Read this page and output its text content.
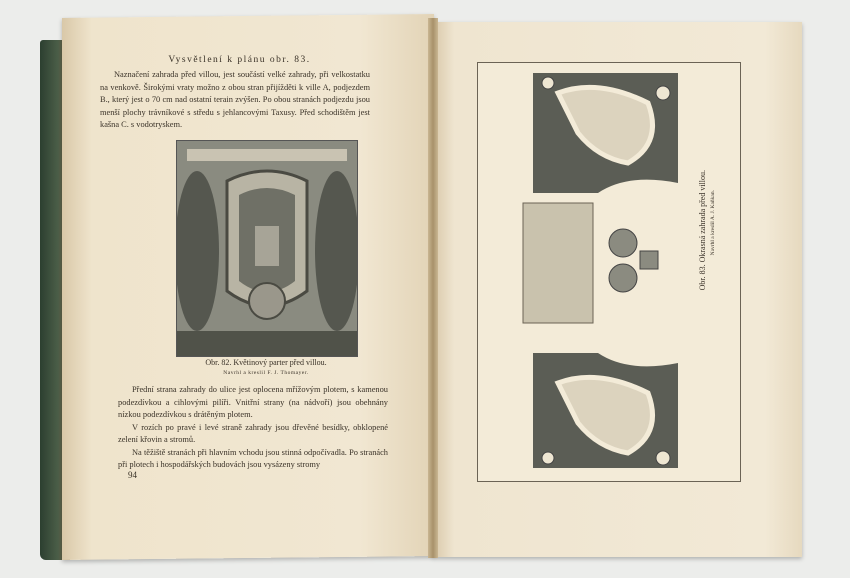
Vysvětlení k plánu obr. 83.

Naznačení zahrada před villou, jest součástí velké zahrady, při velkostatku na venkově. Širokými vraty možno z obou stran přijížděti k ville A, podjezdem B., který jest o 70 cm nad ostatní terain zvýšen. Po obou stranách podjezdu jsou menší plochy trávníkové s středu s jehlancovými Taxusy. Před schodištěm jest kašna C. s vodotryskem.

Obr. 82. Květinový parter před villou.
Navrhl a kreslil F. J. Thomayer.

Přední strana zahrady do ulice jest oplocena mřížovým plotem, s kamenou podezdívkou a cihlovými pilíři. Vnitřní strany (na nádvoří) jsou obehnány nízkou podezdívkou s drátěným plotem.

V rozích po pravé i levé straně zahrady jsou dřevěné besídky, obklopené zelení křovin a stromů.

Na těžiště stranách při hlavním vchodu jsou stinná odpočívadla. Po stranách při plotech i hospodářských budovách jsou vysázeny stromy

94
Obr. 83. Okrasná zahrada před villou. Navrhl a kreslil A. J. Kaňkan.
